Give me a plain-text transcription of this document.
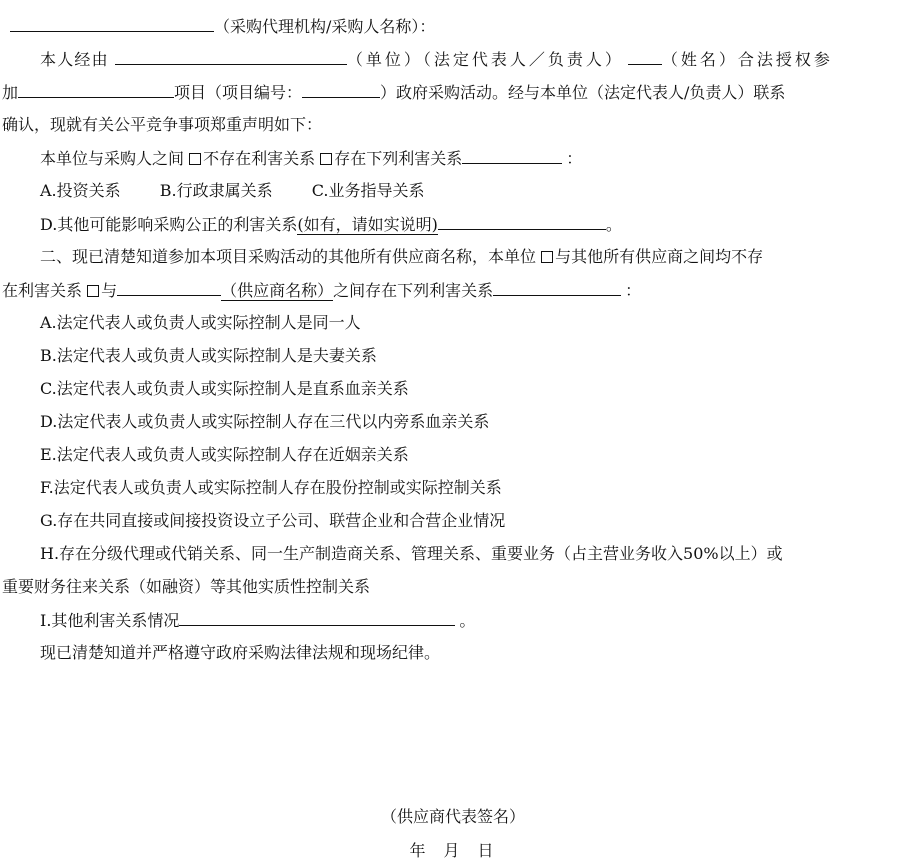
（采购代理机构/采购人名称）：
本人经由	（单位）（法定代表人／负责人） （姓名）合法授权参
加	项目（项目编号：	）政府采购活动。经与本单位（法定代表人/负责人）联系
确认，现就有关公平竞争事项郑重声明如下：
本单位与采购人之间 不存在利害关系 存在下列利害关系	：
A.投资关系 B.行政隶属关系 C.业务指导关系
D.其他可能影响采购公正的利害关系(如有，请如实说明)	。
二、现已清楚知道参加本项目采购活动的其他所有供应商名称，本单位 与其他所有供应商之间均不存
在利害关系 与	（供应商名称）之间存在下列利害关系	：
A.法定代表人或负责人或实际控制人是同一人
B.法定代表人或负责人或实际控制人是夫妻关系
C.法定代表人或负责人或实际控制人是直系血亲关系
D.法定代表人或负责人或实际控制人存在三代以内旁系血亲关系
E.法定代表人或负责人或实际控制人存在近姻亲关系
F.法定代表人或负责人或实际控制人存在股份控制或实际控制关系
G.存在共同直接或间接投资设立子公司、联营企业和合营企业情况
H.存在分级代理或代销关系、同一生产制造商关系、管理关系、重要业务（占主营业务收入50%以上）或
重要财务往来关系（如融资）等其他实质性控制关系
I.其他利害关系情况	。
现已清楚知道并严格遵守政府采购法律法规和现场纪律。
（供应商代表签名）
年　月　日
